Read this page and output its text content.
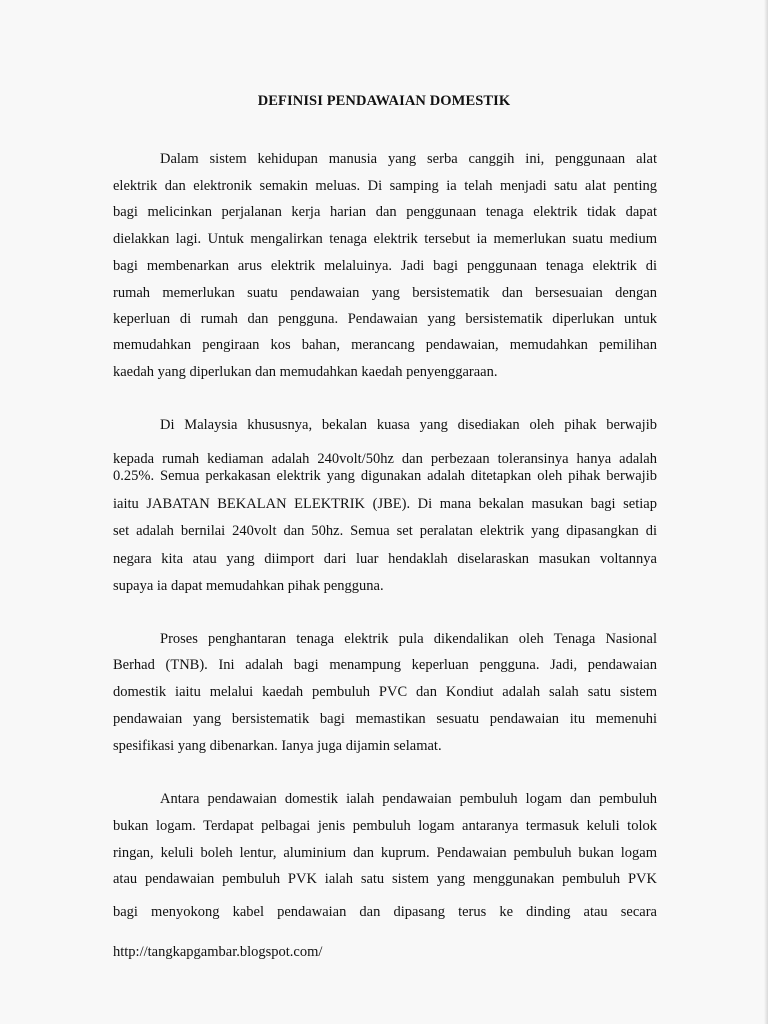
DEFINISI PENDAWAIAN DOMESTIK
Dalam sistem kehidupan manusia yang serba canggih ini, penggunaan alat
elektrik dan elektronik semakin meluas. Di samping ia telah menjadi satu alat penting
bagi melicinkan perjalanan kerja harian dan penggunaan tenaga elektrik tidak dapat
dielakkan lagi. Untuk mengalirkan tenaga elektrik tersebut ia memerlukan suatu medium
bagi membenarkan arus elektrik melaluinya. Jadi bagi penggunaan tenaga elektrik di
rumah memerlukan suatu pendawaian yang bersistematik dan bersesuaian dengan
keperluan di rumah dan pengguna. Pendawaian yang bersistematik diperlukan untuk
memudahkan pengiraan kos bahan, merancang pendawaian, memudahkan pemilihan
kaedah yang diperlukan dan memudahkan kaedah penyenggaraan.
Di Malaysia khususnya, bekalan kuasa yang disediakan oleh pihak berwajib
kepada rumah kediaman adalah 240volt/50hz dan perbezaan toleransinya hanya adalah
0.25%. Semua perkakasan elektrik yang digunakan adalah ditetapkan oleh pihak berwajib
iaitu JABATAN BEKALAN ELEKTRIK (JBE). Di mana bekalan masukan bagi setiap
set adalah bernilai 240volt dan 50hz. Semua set peralatan elektrik yang dipasangkan di
negara kita atau yang diimport dari luar hendaklah diselaraskan masukan voltannya
supaya ia dapat memudahkan pihak pengguna.
Proses penghantaran tenaga elektrik pula dikendalikan oleh Tenaga Nasional
Berhad (TNB). Ini adalah bagi menampung keperluan pengguna. Jadi, pendawaian
domestik iaitu melalui kaedah pembuluh PVC dan Kondiut adalah salah satu sistem
pendawaian yang bersistematik bagi memastikan sesuatu pendawaian itu memenuhi
spesifikasi yang dibenarkan. Ianya juga dijamin selamat.
Antara pendawaian domestik ialah pendawaian pembuluh logam dan pembuluh
bukan logam. Terdapat pelbagai jenis pembuluh logam antaranya termasuk keluli tolok
ringan, keluli boleh lentur, aluminium dan kuprum. Pendawaian pembuluh bukan logam
atau pendawaian pembuluh PVK ialah satu sistem yang menggunakan pembuluh PVK
bagi menyokong kabel pendawaian dan dipasang terus ke dinding atau secara
http://tangkapgambar.blogspot.com/
